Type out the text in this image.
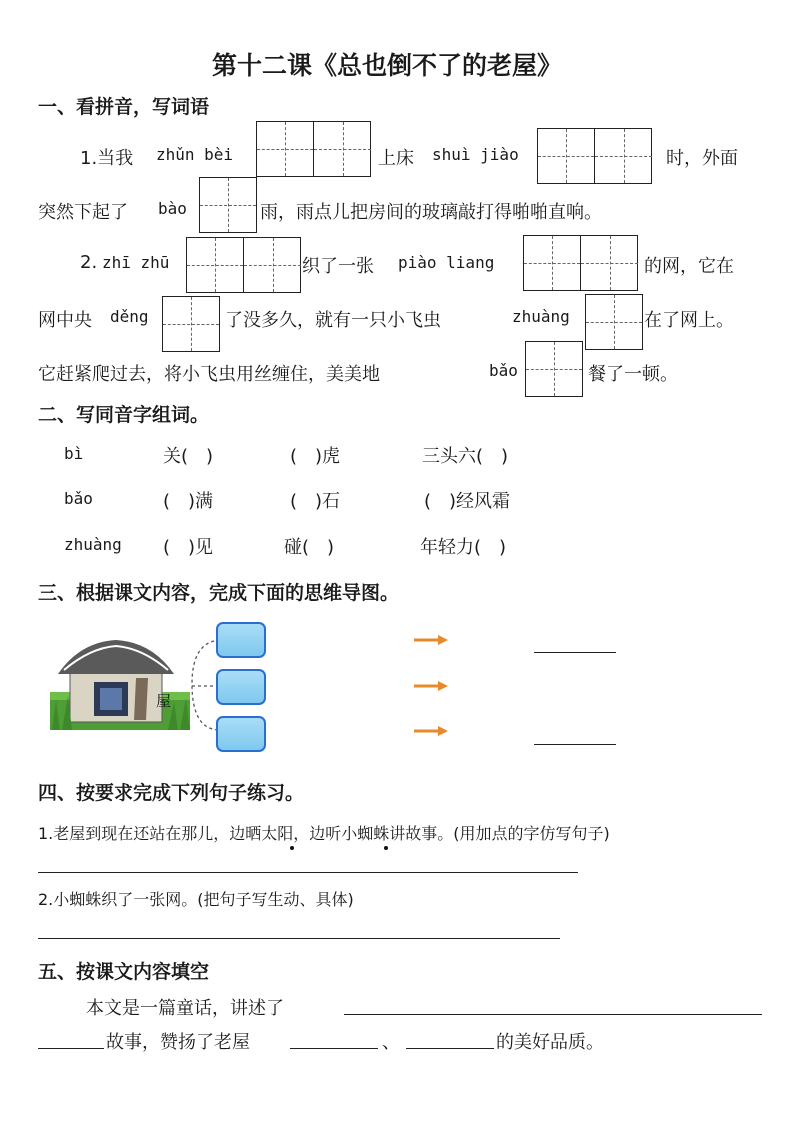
第十二课《总也倒不了的老屋》
一、看拼音，写词语
1.当我 zhǔn bèi	上床 shuì jiào	时，外面
突然下起了 bào	雨，雨点儿把房间的玻璃敲打得啪啪直响。
2. zhī zhū	织了一张 piào liang	的网，它在
网中央 děng	了没多久，就有一只小飞虫	zhuàng	在了网上。
它赶紧爬过去，将小飞虫用丝缠住，美美地	bǎo	餐了一顿。
二、写同音字组词。
bì	关(　)	(　)虎	三头六(　)
bǎo	(　)满	(　)石	(　)经风霜
zhuàng (　)见	碰(　)	年轻力(　)
三、根据课文内容，完成下面的思维导图。
屋
四、按要求完成下列句子练习。
1.老屋到现在还站在那儿，边晒太阳，边听小蜘蛛讲故事。(用加点的字仿写句子)
2.小蜘蛛织了一张网。(把句子写生动、具体)
五、按课文内容填空
本文是一篇童话，讲述了
故事，赞扬了老屋	、	的美好品质。
